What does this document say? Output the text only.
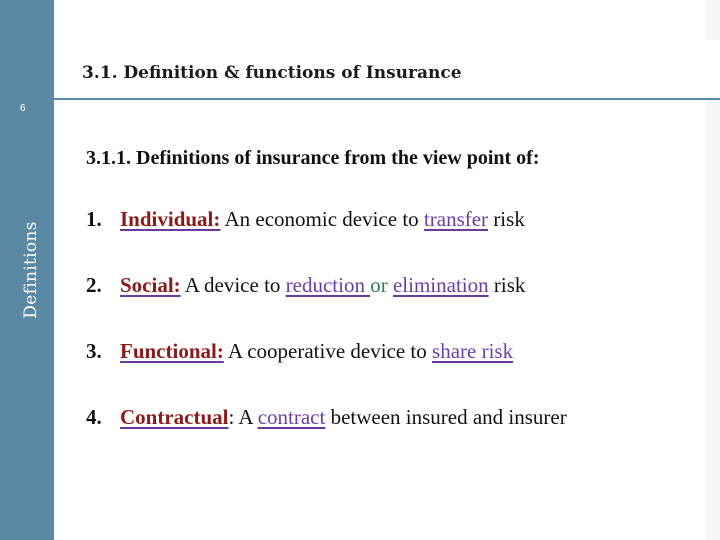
Definitions
3.1. Definition & functions of Insurance
6
3.1.1. Definitions of insurance from the view point of:
1. Individual: An economic device to transfer risk
2. Social: A device to reduction or elimination risk
3. Functional: A cooperative device to share risk
4. Contractual: A contract between insured and insurer
